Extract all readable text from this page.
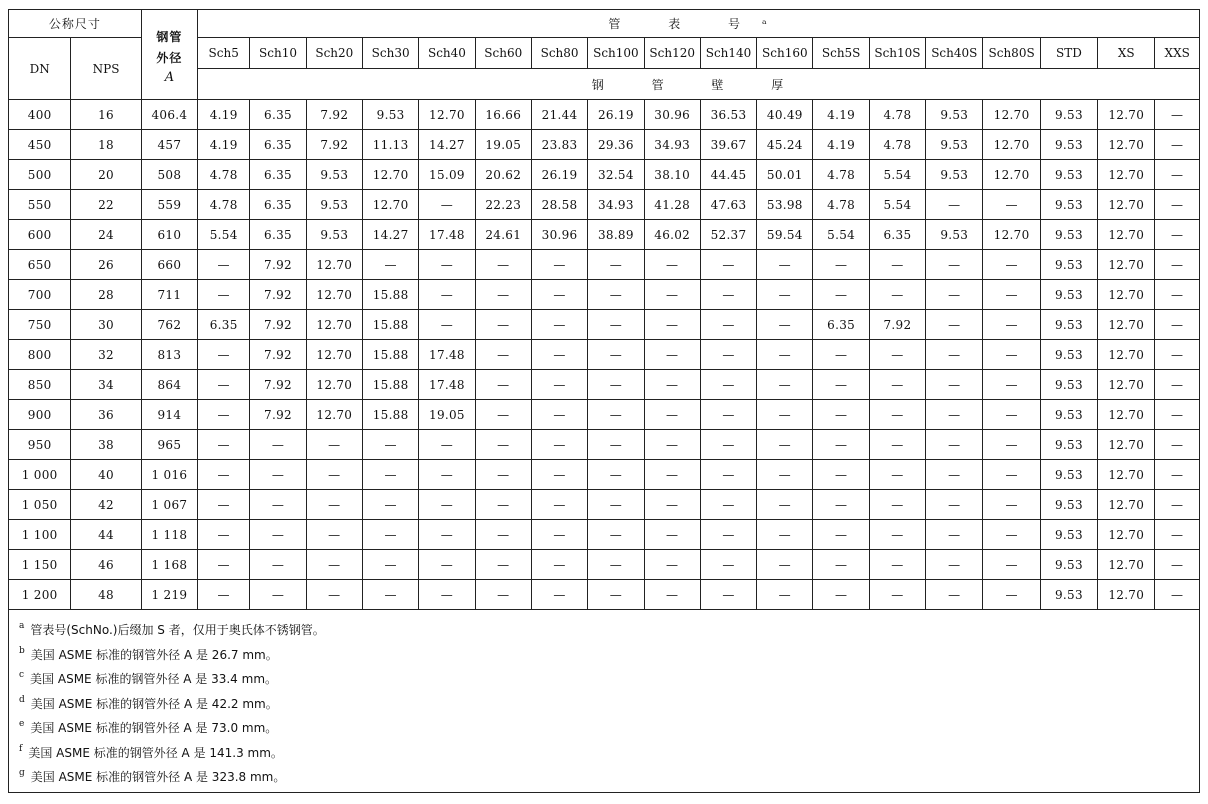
公称尺寸		钢管
外径
A	管 表 号ᵃ																	
DN	NPS		Sch5	Sch10	Sch20	Sch30	Sch40	Sch60	Sch80	Sch100	Sch120	Sch140	Sch160	Sch5S	Sch10S	Sch40S	Sch80S	STD	XS	XXS
			钢 管 壁 厚																	
400	16	406.4	4.19	6.35	7.92	9.53	12.70	16.66	21.44	26.19	30.96	36.53	40.49	4.19	4.78	9.53	12.70	9.53	12.70	—
450	18	457	4.19	6.35	7.92	11.13	14.27	19.05	23.83	29.36	34.93	39.67	45.24	4.19	4.78	9.53	12.70	9.53	12.70	—
500	20	508	4.78	6.35	9.53	12.70	15.09	20.62	26.19	32.54	38.10	44.45	50.01	4.78	5.54	9.53	12.70	9.53	12.70	—
550	22	559	4.78	6.35	9.53	12.70	—	22.23	28.58	34.93	41.28	47.63	53.98	4.78	5.54	—	—	9.53	12.70	—
600	24	610	5.54	6.35	9.53	14.27	17.48	24.61	30.96	38.89	46.02	52.37	59.54	5.54	6.35	9.53	12.70	9.53	12.70	—
650	26	660	—	7.92	12.70	—	—	—	—	—	—	—	—	—	—	—	—	9.53	12.70	—
700	28	711	—	7.92	12.70	15.88	—	—	—	—	—	—	—	—	—	—	—	9.53	12.70	—
750	30	762	6.35	7.92	12.70	15.88	—	—	—	—	—	—	—	6.35	7.92	—	—	9.53	12.70	—
800	32	813	—	7.92	12.70	15.88	17.48	—	—	—	—	—	—	—	—	—	—	9.53	12.70	—
850	34	864	—	7.92	12.70	15.88	17.48	—	—	—	—	—	—	—	—	—	—	9.53	12.70	—
900	36	914	—	7.92	12.70	15.88	19.05	—	—	—	—	—	—	—	—	—	—	9.53	12.70	—
950	38	965	—	—	—	—	—	—	—	—	—	—	—	—	—	—	—	9.53	12.70	—
1 000	40	1 016	—	—	—	—	—	—	—	—	—	—	—	—	—	—	—	9.53	12.70	—
1 050	42	1 067	—	—	—	—	—	—	—	—	—	—	—	—	—	—	—	9.53	12.70	—
1 100	44	1 118	—	—	—	—	—	—	—	—	—	—	—	—	—	—	—	9.53	12.70	—
1 150	46	1 168	—	—	—	—	—	—	—	—	—	—	—	—	—	—	—	9.53	12.70	—
1 200	48	1 219	—	—	—	—	—	—	—	—	—	—	—	—	—	—	—	9.53	12.70	—
$^a$ 管表号(SchNo.)后缀加 S 者，仅用于奥氏体不锈钢管。
$^b$ 美国 ASME 标准的钢管外径 A 是 26.7 mm。
$^c$ 美国 ASME 标准的钢管外径 A 是 33.4 mm。
$^d$ 美国 ASME 标准的钢管外径 A 是 42.2 mm。
$^e$ 美国 ASME 标准的钢管外径 A 是 73.0 mm。
$^f$ 美国 ASME 标准的钢管外径 A 是 141.3 mm。
$^g$ 美国 ASME 标准的钢管外径 A 是 323.8 mm。
